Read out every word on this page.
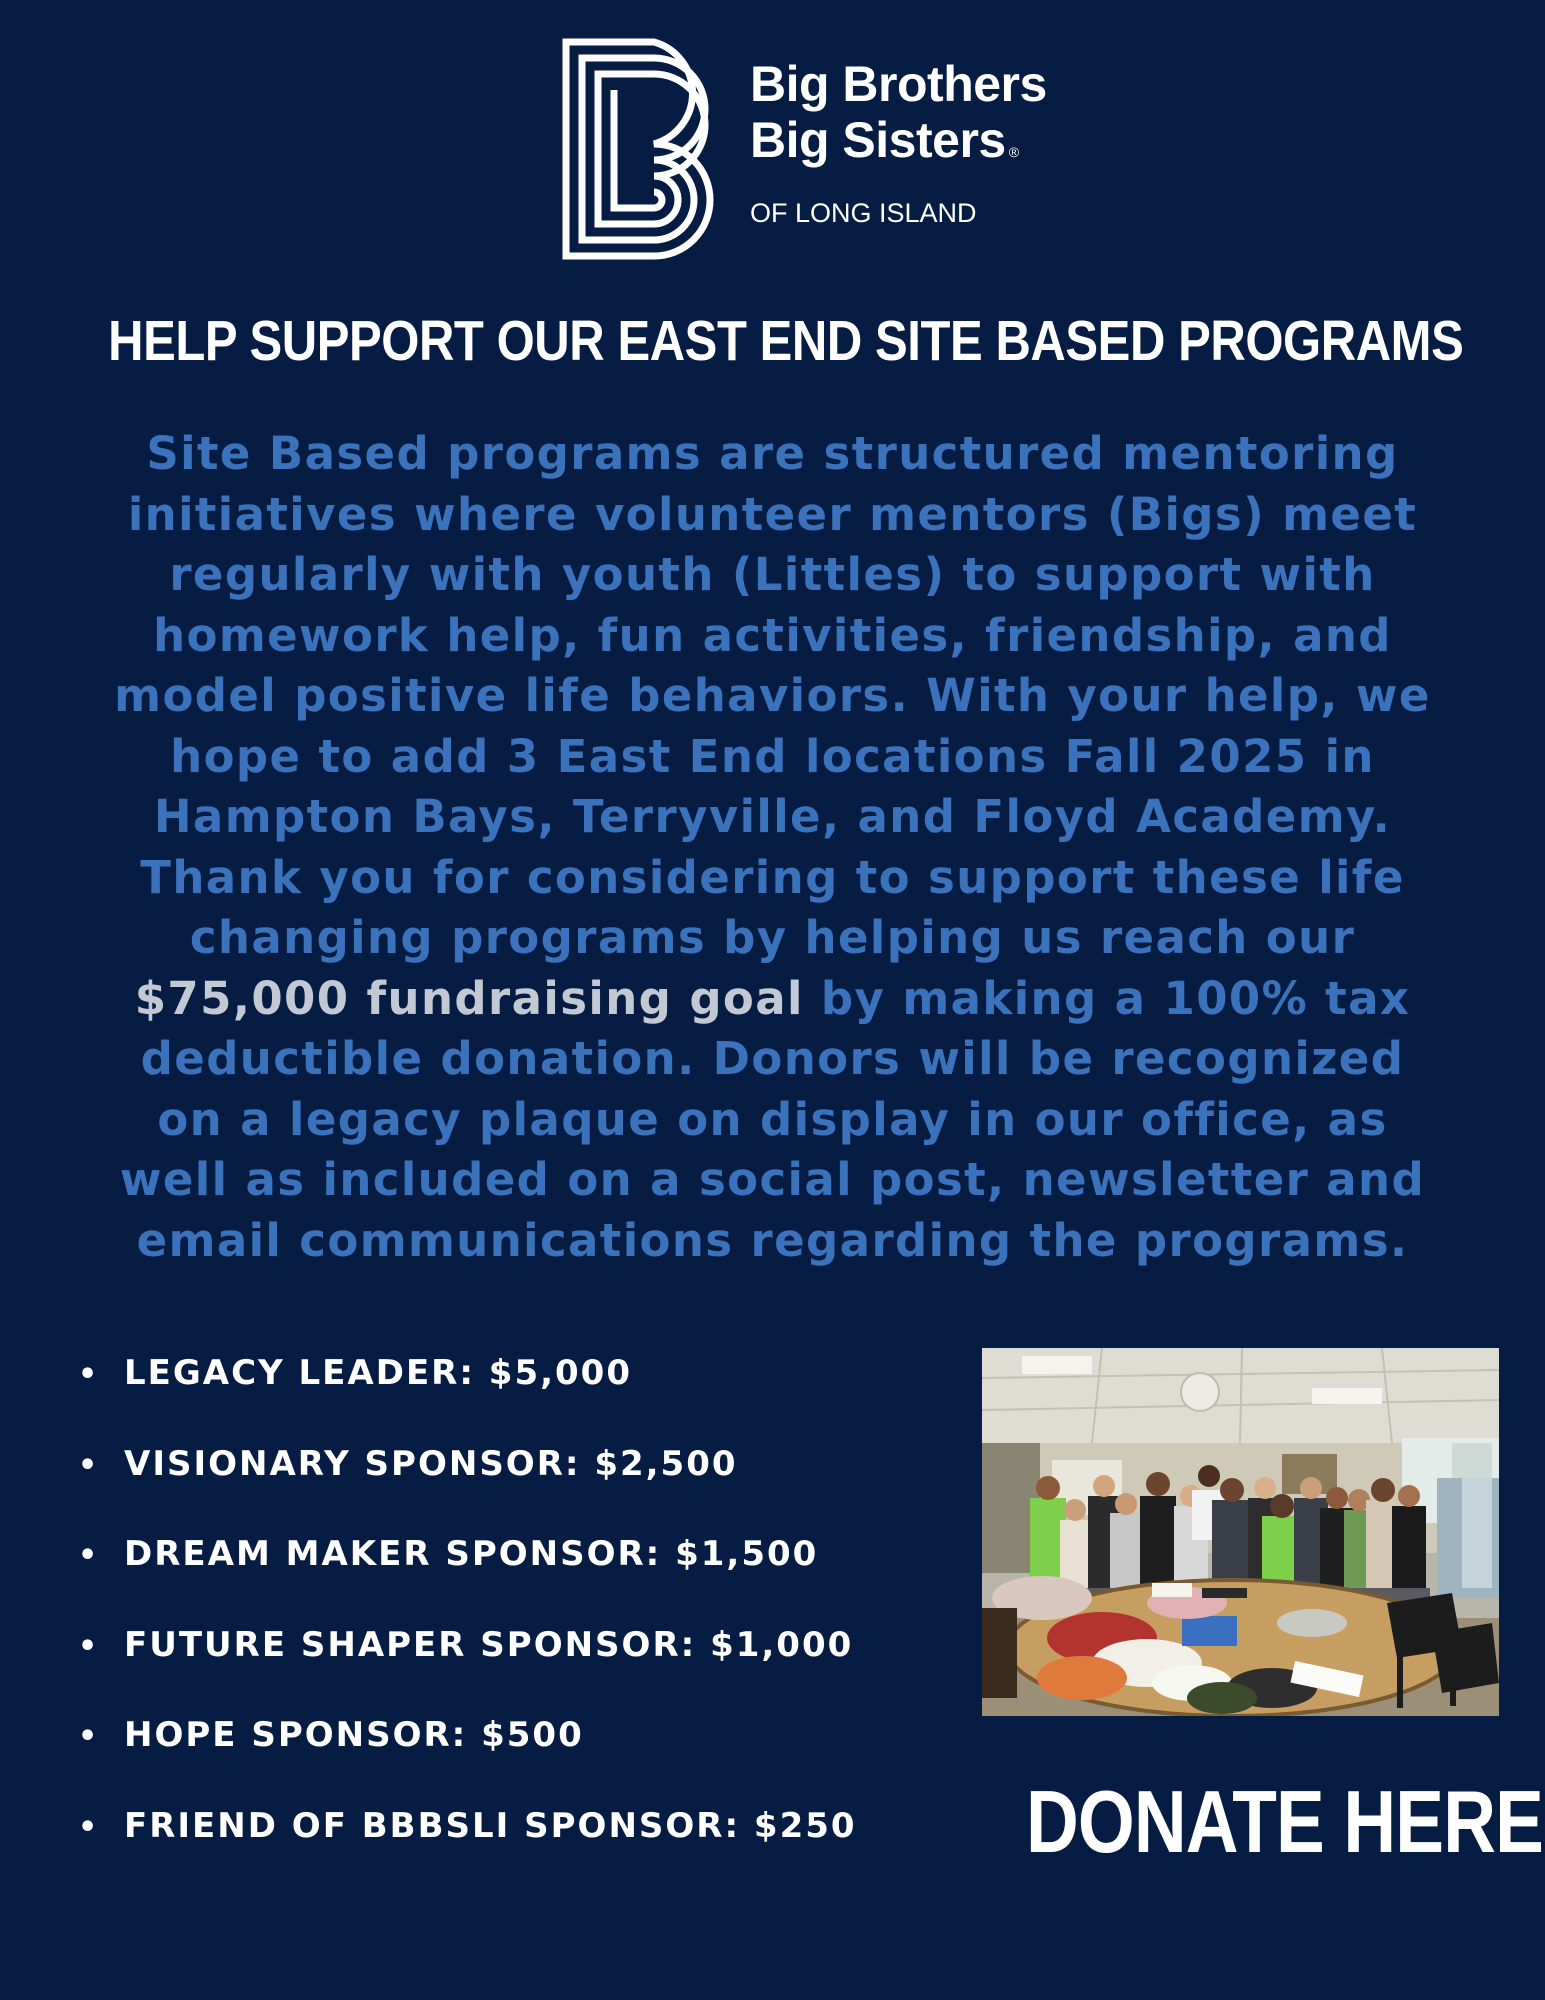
Big Brothers
Big Sisters ®
OF LONG ISLAND
HELP SUPPORT OUR EAST END SITE BASED PROGRAMS
Site Based programs are structured mentoring
initiatives where volunteer mentors (Bigs) meet
regularly with youth (Littles) to support with
homework help, fun activities, friendship, and
model positive life behaviors. With your help, we
hope to add 3 East End locations Fall 2025 in
Hampton Bays, Terryville, and Floyd Academy.
Thank you for considering to support these life
changing programs by helping us reach our
$75,000 fundraising goal by making a 100% tax
deductible donation. Donors will be recognized
on a legacy plaque on display in our office, as
well as included on a social post, newsletter and
email communications regarding the programs.
• LEGACY LEADER: $5,000
• VISIONARY SPONSOR: $2,500
• DREAM MAKER SPONSOR: $1,500
• FUTURE SHAPER SPONSOR: $1,000
• HOPE SPONSOR: $500
• FRIEND OF BBBSLI SPONSOR: $250	DONATE HERE
